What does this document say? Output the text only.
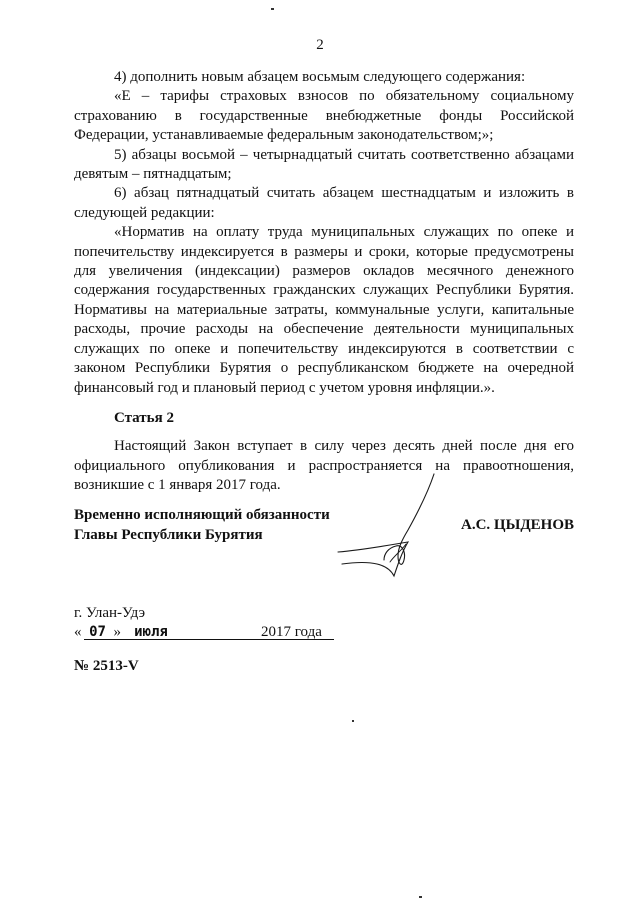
2

4) дополнить новым абзацем восьмым следующего содержания:

«Е – тарифы страховых взносов по обязательному социальному страхованию в государственные внебюджетные фонды Российской Федерации, устанавливаемые федеральным законодательством;»;

5) абзацы восьмой – четырнадцатый считать соответственно абзацами девятым – пятнадцатым;

6) абзац пятнадцатый считать абзацем шестнадцатым и изложить в следующей редакции:

«Норматив на оплату труда муниципальных служащих по опеке и попечительству индексируется в размеры и сроки, которые предусмотрены для увеличения (индексации) размеров окладов месячного денежного содержания государственных гражданских служащих Республики Бурятия. Нормативы на материальные затраты, коммунальные услуги, капитальные расходы, прочие расходы на обеспечение деятельности муниципальных служащих по опеке и попечительству индексируются в соответствии с законом Республики Бурятия о республиканском бюджете на очередной финансовый год и плановый период с учетом уровня инфляции.».

Статья 2

Настоящий Закон вступает в силу через десять дней после дня его официального опубликования и распространяется на правоотношения, возникшие с 1 января 2017 года.

Временно исполняющий обязанности
Главы Республики Бурятия
А.С. ЦЫДЕНОВ
г. Улан-Удэ
« 07 » июля	2017 года
№ 2513-V
